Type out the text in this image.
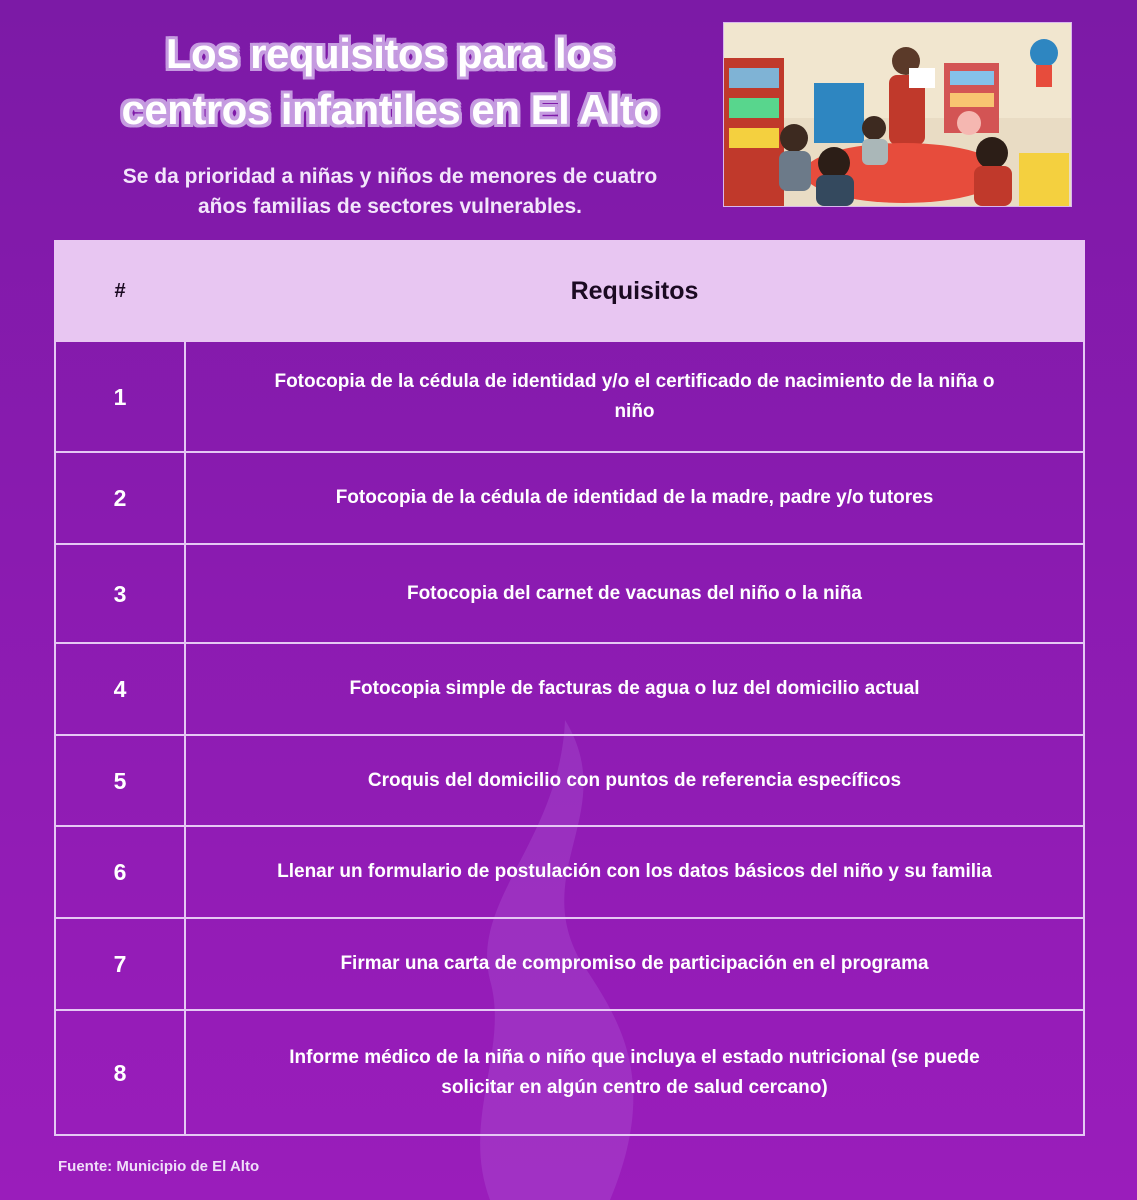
Los requisitos para los
centros infantiles en El Alto
Se da prioridad a niñas y niños de menores de cuatro
años familias de sectores vulnerables.
#	Requisitos
1	Fotocopia de la cédula de identidad y/o el certificado de nacimiento de la niña o
niño

2	Fotocopia de la cédula de identidad de la madre, padre y/o tutores
3	Fotocopia del carnet de vacunas del niño o la niña
4	Fotocopia simple de facturas de agua o luz del domicilio actual
5	Croquis del domicilio con puntos de referencia específicos
6	Llenar un formulario de postulación con los datos básicos del niño y su familia
7	Firmar una carta de compromiso de participación en el programa
8	Informe médico de la niña o niño que incluya el estado nutricional (se puede
solicitar en algún centro de salud cercano)
Fuente: Municipio de El Alto
